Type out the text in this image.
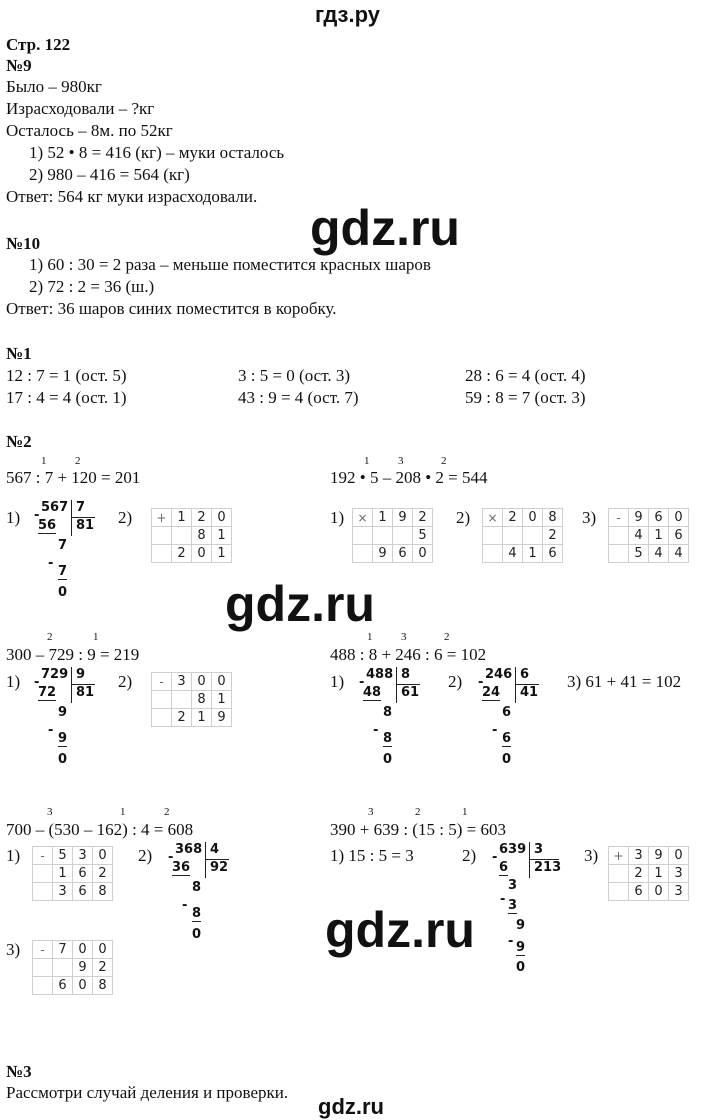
гдз.ру
Стр. 122
№9
Было – 980кг
Израсходовали – ?кг
Осталось – 8м. по 52кг
1) 52 • 8 = 416 (кг) – муки осталось
2) 980 – 416 = 564 (кг)
Ответ: 564 кг муки израсходовали.
gdz.ru
№10
1) 60 : 30 = 2 раза – меньше поместится красных шаров
2) 72 : 2 = 36 (ш.)
Ответ: 36 шаров синих поместится в коробку.
№1
12 : 7 = 1 (ост. 5)	3 : 5 = 0 (ост. 3)	28 : 6 = 4 (ост. 4)
17 : 4 = 4 (ост. 1)	43 : 9 = 4 (ост. 7)	59 : 8 = 7 (ост. 3)
№2
1	2
567 : 7 + 120 = 201
1) -
567 7
81
56
7
-
7
0
2) +	1	2	0
		8	1
	2	0	1
1	3	2
192 • 5 – 208 • 2 = 544
1) ×	1	9	2
			5
	9	6	0
2) ×	2	0	8
			2
	4	1	6
3) -	9	6	0
	4	1	6
	5	4	4
gdz.ru
2	1
300 – 729 : 9 = 219
1) -
729 9
81
72
9
-
9
0
2) -	3	0	0
		8	1
	2	1	9
1	3	2
488 : 8 + 246 : 6 = 102
1) -
488 8
61
48
8
-
8
0
2) -
246 6
41
24
6
-
6
0
3) 61 + 41 = 102
3	1	2
700 – (530 – 162) : 4 = 608
1) -	5	3	0
	1	6	2
	3	6	8
2) -
368 4
92
36
8
-
8
0
3) -	7	0	0
		9	2
	6	0	8
3	2	1
390 + 639 : (15 : 5) = 603
1) 15 : 5 = 3	2) -
639 3
213
6
3
- 3
9
- 9
0
3) +	3	9	0
	2	1	3
	6	0	3
gdz.ru
№3
Рассмотри случай деления и проверки.
gdz.ru
